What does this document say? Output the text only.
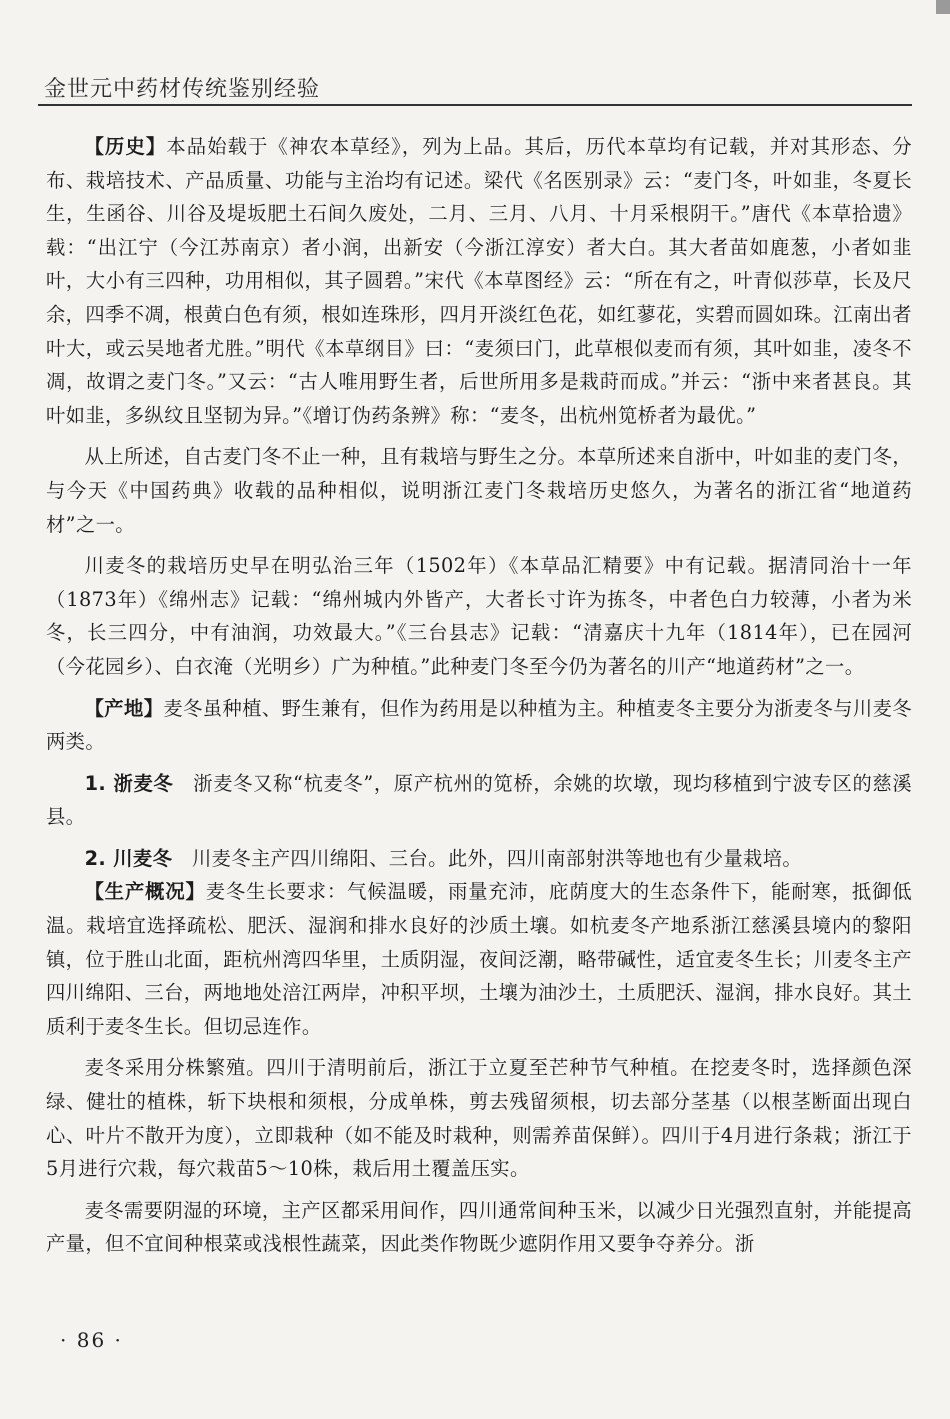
金世元中药材传统鉴别经验

【历史】本品始载于《神农本草经》，列为上品。其后，历代本草均有记载，并对其形态、分布、栽培技术、产品质量、功能与主治均有记述。梁代《名医别录》云：“麦门冬，叶如韭，冬夏长生，生函谷、川谷及堤坂肥土石间久废处，二月、三月、八月、十月采根阴干。”唐代《本草拾遗》载：“出江宁（今江苏南京）者小润，出新安（今浙江淳安）者大白。其大者苗如鹿葱，小者如韭叶，大小有三四种，功用相似，其子圆碧。”宋代《本草图经》云：“所在有之，叶青似莎草，长及尺余，四季不凋，根黄白色有须，根如连珠形，四月开淡红色花，如红蓼花，实碧而圆如珠。江南出者叶大，或云吴地者尤胜。”明代《本草纲目》曰：“麦须曰门，此草根似麦而有须，其叶如韭，凌冬不凋，故谓之麦门冬。”又云：“古人唯用野生者，后世所用多是栽莳而成。”并云：“浙中来者甚良。其叶如韭，多纵纹且坚韧为异。”《增订伪药条辨》称：“麦冬，出杭州笕桥者为最优。”

从上所述，自古麦门冬不止一种，且有栽培与野生之分。本草所述来自浙中，叶如韭的麦门冬，与今天《中国药典》收载的品种相似，说明浙江麦门冬栽培历史悠久，为著名的浙江省“地道药材”之一。

川麦冬的栽培历史早在明弘治三年（1502年）《本草品汇精要》中有记载。据清同治十一年（1873年）《绵州志》记载：“绵州城内外皆产，大者长寸许为拣冬，中者色白力较薄，小者为米冬，长三四分，中有油润，功效最大。”《三台县志》记载：“清嘉庆十九年（1814年），已在园河（今花园乡）、白衣淹（光明乡）广为种植。”此种麦门冬至今仍为著名的川产“地道药材”之一。

【产地】麦冬虽种植、野生兼有，但作为药用是以种植为主。种植麦冬主要分为浙麦冬与川麦冬两类。

1. 浙麦冬  浙麦冬又称“杭麦冬”，原产杭州的笕桥，余姚的坎墩，现均移植到宁波专区的慈溪县。

2. 川麦冬  川麦冬主产四川绵阳、三台。此外，四川南部射洪等地也有少量栽培。

【生产概况】麦冬生长要求：气候温暖，雨量充沛，庇荫度大的生态条件下，能耐寒，抵御低温。栽培宜选择疏松、肥沃、湿润和排水良好的沙质土壤。如杭麦冬产地系浙江慈溪县境内的黎阳镇，位于胜山北面，距杭州湾四华里，土质阴湿，夜间泛潮，略带碱性，适宜麦冬生长；川麦冬主产四川绵阳、三台，两地地处涪江两岸，冲积平坝，土壤为油沙土，土质肥沃、湿润，排水良好。其土质利于麦冬生长。但切忌连作。

麦冬采用分株繁殖。四川于清明前后，浙江于立夏至芒种节气种植。在挖麦冬时，选择颜色深绿、健壮的植株，斩下块根和须根，分成单株，剪去残留须根，切去部分茎基（以根茎断面出现白心、叶片不散开为度），立即栽种（如不能及时栽种，则需养苗保鲜）。四川于4月进行条栽；浙江于5月进行穴栽，每穴栽苗5～10株，栽后用土覆盖压实。

麦冬需要阴湿的环境，主产区都采用间作，四川通常间种玉米，以减少日光强烈直射，并能提高产量，但不宜间种根菜或浅根性蔬菜，因此类作物既少遮阴作用又要争夺养分。浙

· 86 ·
